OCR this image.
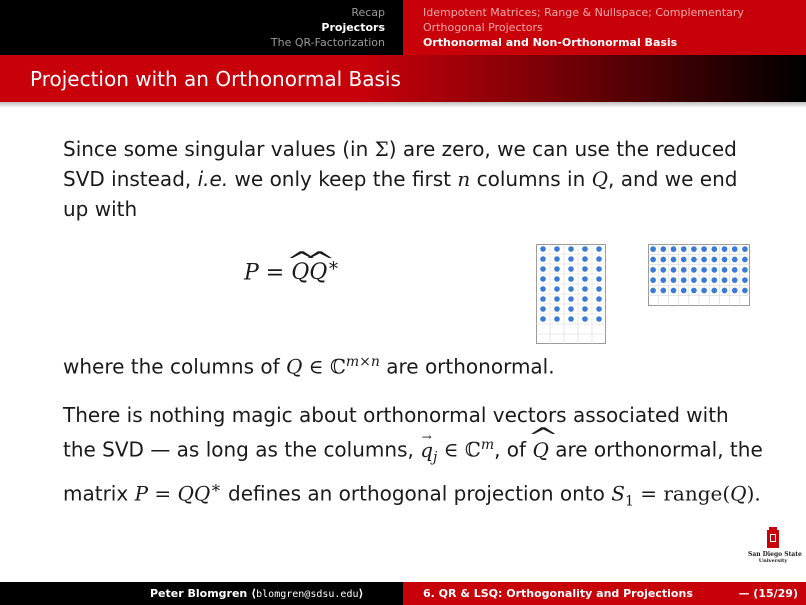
Recap
Projectors
The QR-Factorization
Idempotent Matrices; Range & Nullspace; Complementary
Orthogonal Projectors
Orthonormal and Non-Orthonormal Basis
Projection with an Orthonormal Basis
Since some singular values (in Σ) are zero, we can use the reduced SVD instead, i.e. we only keep the first n columns in Q, and we end up with
P = ^ Q^ Q∗
where the columns of Q ∈ ℂ$^{m\times n}$ are orthonormal.
There is nothing magic about orthonormal vectors associated with the SVD — as long as the columns, → $q_j$ ∈ ℂ$^m$, of ^ Q are orthonormal, the matrix P = QQ∗ defines an orthogonal projection onto $S_1$ = range(Q).
San Diego State
University
Peter Blomgren ⟨blomgren@sdsu.edu⟩	6. QR & LSQ: Orthogonality and Projections	— (15/29)
